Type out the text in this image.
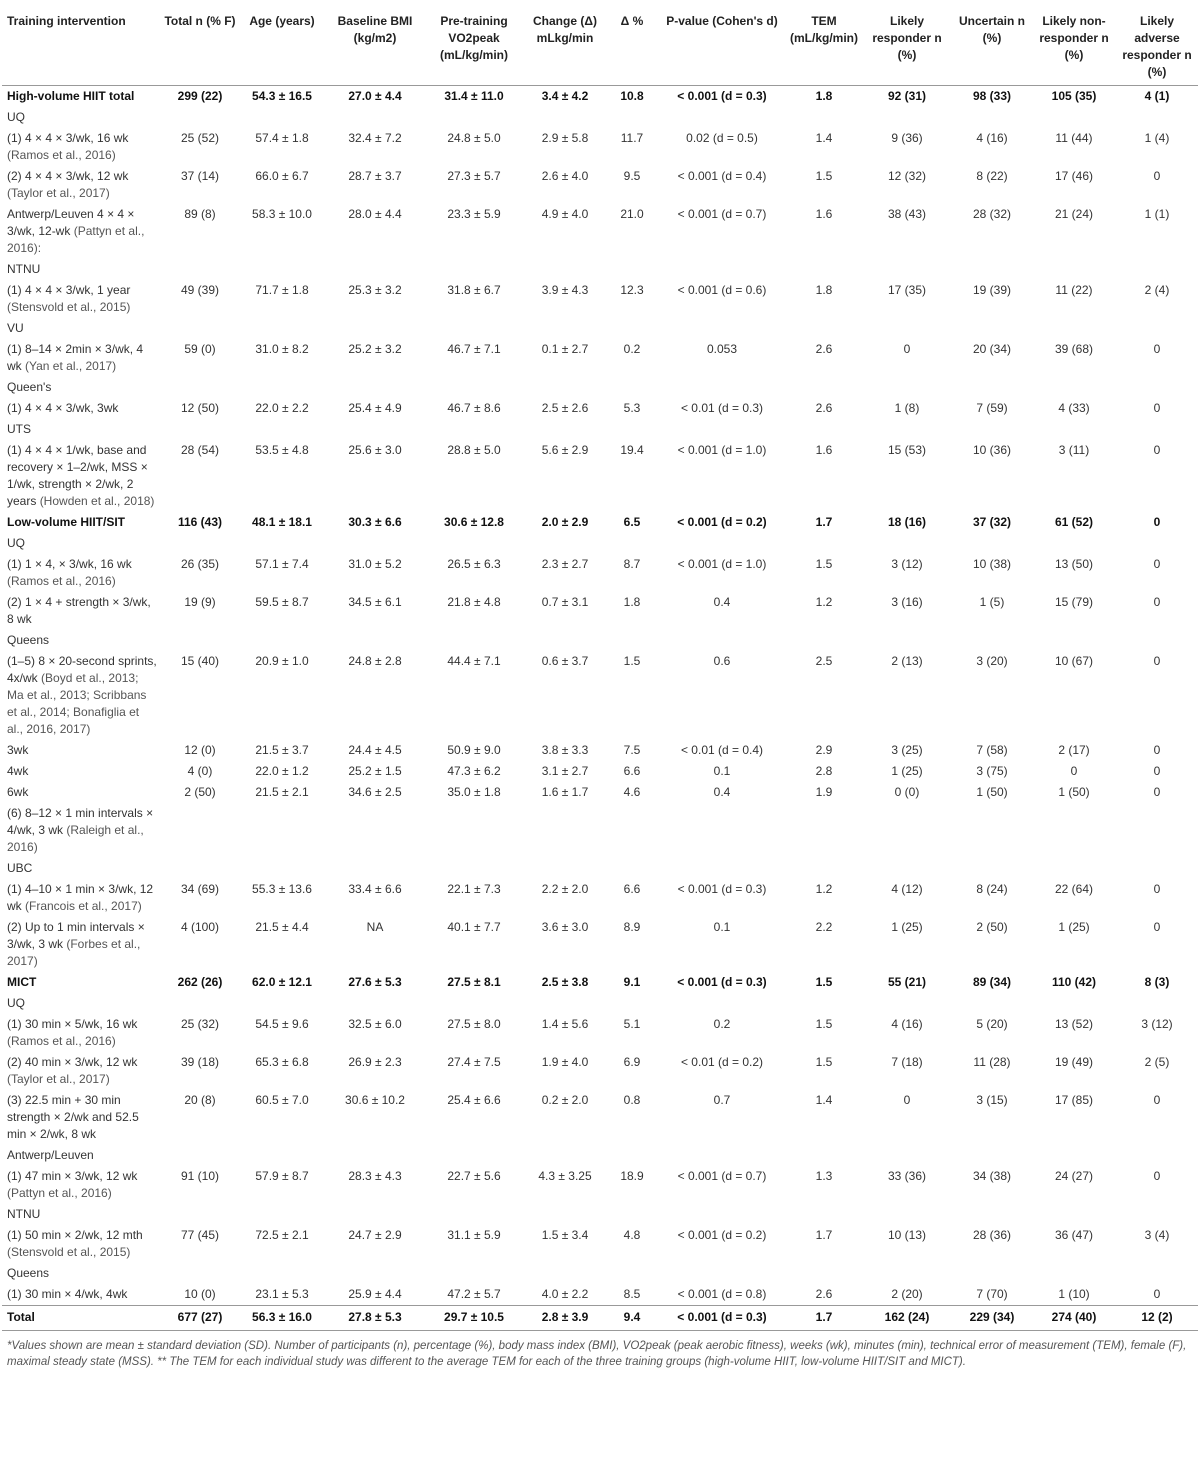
Training intervention	Total n (% F)	Age (years)	Baseline BMI (kg/m2)	Pre-training VO2peak (mL/kg/min)	Change (Δ) mLkg/min	Δ %	P-value (Cohen's d)	TEM (mL/kg/min)	Likely responder n (%)	Uncertain n (%)	Likely non-responder n (%)	Likely adverse responder n (%)
High-volume HIIT total	299 (22)	54.3 ± 16.5	27.0 ± 4.4	31.4 ± 11.0	3.4 ± 4.2	10.8	< 0.001 (d = 0.3)	1.8	92 (31)	98 (33)	105 (35)	4 (1)
UQ												
(1) 4 × 4 × 3/wk, 16 wk (Ramos et al., 2016)	25 (52)	57.4 ± 1.8	32.4 ± 7.2	24.8 ± 5.0	2.9 ± 5.8	11.7	0.02 (d = 0.5)	1.4	9 (36)	4 (16)	11 (44)	1 (4)
(2) 4 × 4 × 3/wk, 12 wk (Taylor et al., 2017)	37 (14)	66.0 ± 6.7	28.7 ± 3.7	27.3 ± 5.7	2.6 ± 4.0	9.5	< 0.001 (d = 0.4)	1.5	12 (32)	8 (22)	17 (46)	0
Antwerp/Leuven 4 × 4 × 3/wk, 12-wk (Pattyn et al., 2016):	89 (8)	58.3 ± 10.0	28.0 ± 4.4	23.3 ± 5.9	4.9 ± 4.0	21.0	< 0.001 (d = 0.7)	1.6	38 (43)	28 (32)	21 (24)	1 (1)
NTNU												
(1) 4 × 4 × 3/wk, 1 year (Stensvold et al., 2015)	49 (39)	71.7 ± 1.8	25.3 ± 3.2	31.8 ± 6.7	3.9 ± 4.3	12.3	< 0.001 (d = 0.6)	1.8	17 (35)	19 (39)	11 (22)	2 (4)
VU												
(1) 8–14 × 2min × 3/wk, 4 wk (Yan et al., 2017)	59 (0)	31.0 ± 8.2	25.2 ± 3.2	46.7 ± 7.1	0.1 ± 2.7	0.2	0.053	2.6	0	20 (34)	39 (68)	0
Queen's												
(1) 4 × 4 × 3/wk, 3wk	12 (50)	22.0 ± 2.2	25.4 ± 4.9	46.7 ± 8.6	2.5 ± 2.6	5.3	< 0.01 (d = 0.3)	2.6	1 (8)	7 (59)	4 (33)	0
UTS												
(1) 4 × 4 × 1/wk, base and recovery × 1–2/wk, MSS × 1/wk, strength × 2/wk, 2 years (Howden et al., 2018)	28 (54)	53.5 ± 4.8	25.6 ± 3.0	28.8 ± 5.0	5.6 ± 2.9	19.4	< 0.001 (d = 1.0)	1.6	15 (53)	10 (36)	3 (11)	0
Low-volume HIIT/SIT	116 (43)	48.1 ± 18.1	30.3 ± 6.6	30.6 ± 12.8	2.0 ± 2.9	6.5	< 0.001 (d = 0.2)	1.7	18 (16)	37 (32)	61 (52)	0
UQ												
(1) 1 × 4, × 3/wk, 16 wk (Ramos et al., 2016)	26 (35)	57.1 ± 7.4	31.0 ± 5.2	26.5 ± 6.3	2.3 ± 2.7	8.7	< 0.001 (d = 1.0)	1.5	3 (12)	10 (38)	13 (50)	0
(2) 1 × 4 + strength × 3/wk, 8 wk	19 (9)	59.5 ± 8.7	34.5 ± 6.1	21.8 ± 4.8	0.7 ± 3.1	1.8	0.4	1.2	3 (16)	1 (5)	15 (79)	0
Queens												
(1–5) 8 × 20-second sprints, 4x/wk (Boyd et al., 2013; Ma et al., 2013; Scribbans et al., 2014; Bonafiglia et al., 2016, 2017)	15 (40)	20.9 ± 1.0	24.8 ± 2.8	44.4 ± 7.1	0.6 ± 3.7	1.5	0.6	2.5	2 (13)	3 (20)	10 (67)	0
3wk	12 (0)	21.5 ± 3.7	24.4 ± 4.5	50.9 ± 9.0	3.8 ± 3.3	7.5	< 0.01 (d = 0.4)	2.9	3 (25)	7 (58)	2 (17)	0
4wk	4 (0)	22.0 ± 1.2	25.2 ± 1.5	47.3 ± 6.2	3.1 ± 2.7	6.6	0.1	2.8	1 (25)	3 (75)	0	0
6wk	2 (50)	21.5 ± 2.1	34.6 ± 2.5	35.0 ± 1.8	1.6 ± 1.7	4.6	0.4	1.9	0 (0)	1 (50)	1 (50)	0
(6) 8–12 × 1 min intervals × 4/wk, 3 wk (Raleigh et al., 2016)												
UBC												
(1) 4–10 × 1 min × 3/wk, 12 wk (Francois et al., 2017)	34 (69)	55.3 ± 13.6	33.4 ± 6.6	22.1 ± 7.3	2.2 ± 2.0	6.6	< 0.001 (d = 0.3)	1.2	4 (12)	8 (24)	22 (64)	0
(2) Up to 1 min intervals × 3/wk, 3 wk (Forbes et al., 2017)	4 (100)	21.5 ± 4.4	NA	40.1 ± 7.7	3.6 ± 3.0	8.9	0.1	2.2	1 (25)	2 (50)	1 (25)	0
MICT	262 (26)	62.0 ± 12.1	27.6 ± 5.3	27.5 ± 8.1	2.5 ± 3.8	9.1	< 0.001 (d = 0.3)	1.5	55 (21)	89 (34)	110 (42)	8 (3)
UQ												
(1) 30 min × 5/wk, 16 wk (Ramos et al., 2016)	25 (32)	54.5 ± 9.6	32.5 ± 6.0	27.5 ± 8.0	1.4 ± 5.6	5.1	0.2	1.5	4 (16)	5 (20)	13 (52)	3 (12)
(2) 40 min × 3/wk, 12 wk (Taylor et al., 2017)	39 (18)	65.3 ± 6.8	26.9 ± 2.3	27.4 ± 7.5	1.9 ± 4.0	6.9	< 0.01 (d = 0.2)	1.5	7 (18)	11 (28)	19 (49)	2 (5)
(3) 22.5 min + 30 min strength × 2/wk and 52.5 min × 2/wk, 8 wk	20 (8)	60.5 ± 7.0	30.6 ± 10.2	25.4 ± 6.6	0.2 ± 2.0	0.8	0.7	1.4	0	3 (15)	17 (85)	0
Antwerp/Leuven												
(1) 47 min × 3/wk, 12 wk (Pattyn et al., 2016)	91 (10)	57.9 ± 8.7	28.3 ± 4.3	22.7 ± 5.6	4.3 ± 3.25	18.9	< 0.001 (d = 0.7)	1.3	33 (36)	34 (38)	24 (27)	0
NTNU												
(1) 50 min × 2/wk, 12 mth (Stensvold et al., 2015)	77 (45)	72.5 ± 2.1	24.7 ± 2.9	31.1 ± 5.9	1.5 ± 3.4	4.8	< 0.001 (d = 0.2)	1.7	10 (13)	28 (36)	36 (47)	3 (4)
Queens												
(1) 30 min × 4/wk, 4wk	10 (0)	23.1 ± 5.3	25.9 ± 4.4	47.2 ± 5.7	4.0 ± 2.2	8.5	< 0.001 (d = 0.8)	2.6	2 (20)	7 (70)	1 (10)	0
Total	677 (27)	56.3 ± 16.0	27.8 ± 5.3	29.7 ± 10.5	2.8 ± 3.9	9.4	< 0.001 (d = 0.3)	1.7	162 (24)	229 (34)	274 (40)	12 (2)
*Values shown are mean ± standard deviation (SD). Number of participants (n), percentage (%), body mass index (BMI), VO2peak (peak aerobic fitness), weeks (wk), minutes (min), technical error of measurement (TEM), female (F), maximal steady state (MSS). ** The TEM for each individual study was different to the average TEM for each of the three training groups (high-volume HIIT, low-volume HIIT/SIT and MICT).
